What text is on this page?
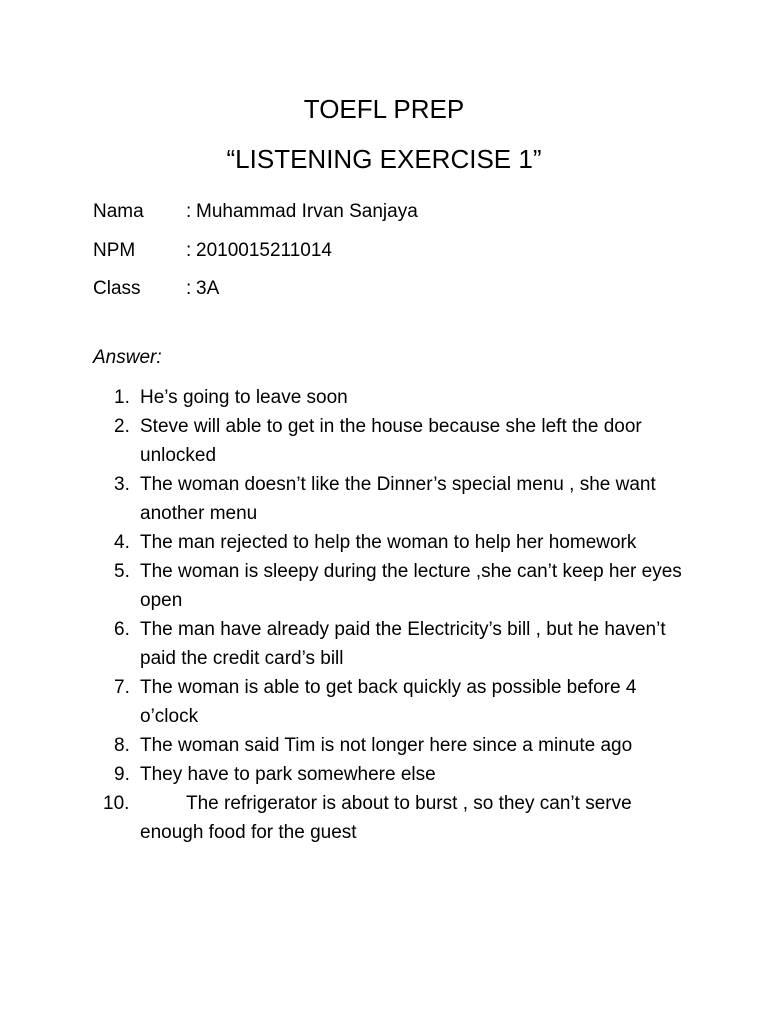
TOEFL PREP
“LISTENING EXERCISE 1”
Nama	: Muhammad Irvan Sanjaya
NPM	: 2010015211014
Class	: 3A
Answer:
1. He’s going to leave soon
2. Steve will able to get in the house because she left the door unlocked
3. The woman doesn’t like the Dinner’s special menu , she want another menu
4. The man rejected to help the woman to help her homework
5. The woman is sleepy during the lecture ,she can’t keep her eyes open
6. The man have already paid the Electricity’s bill , but he haven’t paid the credit card’s bill
7. The woman is able to get back quickly as possible before 4 o’clock
8. The woman said Tim is not longer here since a minute ago
9. They have to park somewhere else
10.	The refrigerator is about to burst , so they can’t serve enough food for the guest
